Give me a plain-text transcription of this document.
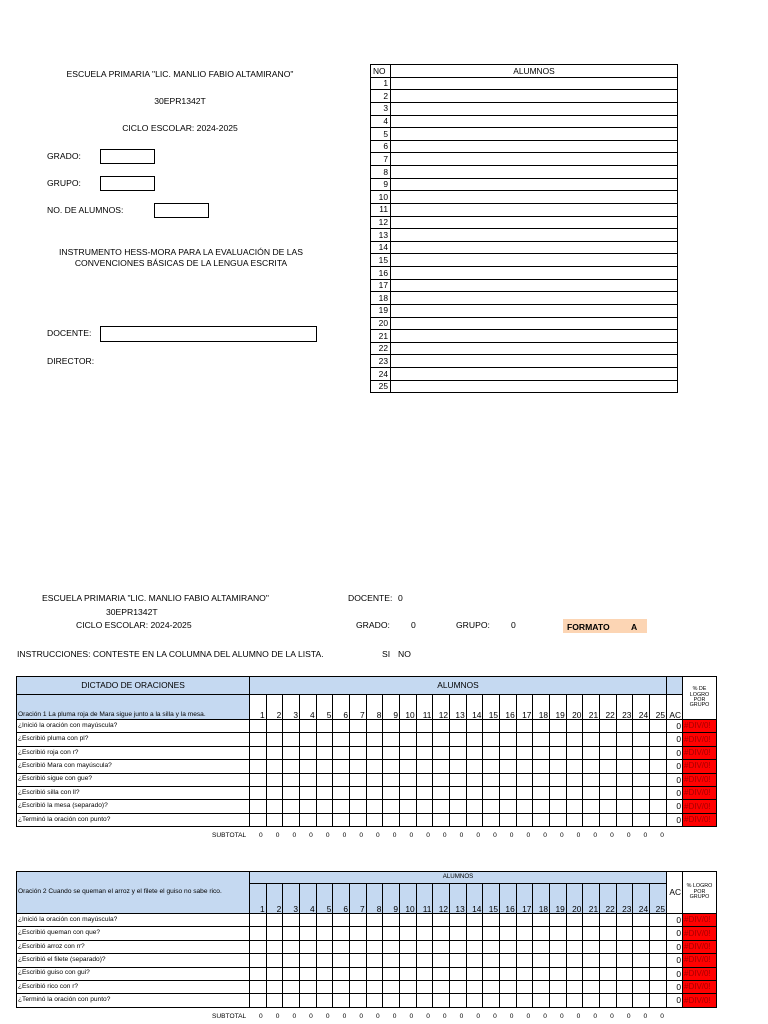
ESCUELA PRIMARIA "LIC. MANLIO FABIO ALTAMIRANO"
30EPR1342T
CICLO ESCOLAR: 2024-2025
GRADO:
GRUPO:
NO. DE ALUMNOS:
INSTRUMENTO HESS-MORA PARA LA EVALUACIÓN DE LAS
CONVENCIONES BÁSICAS DE LA LENGUA ESCRITA
DOCENTE:
DIRECTOR:
NO	ALUMNOS
1	
2	
3	
4	
5	
6	
7	
8	
9	
10	
11	
12	
13	
14	
15	
16	
17	
18	
19	
20	
21	
22	
23	
24	
25	
ESCUELA PRIMARIA "LIC. MANLIO FABIO ALTAMIRANO"
30EPR1342T
CICLO ESCOLAR: 2024-2025
DOCENTE: 0
GRADO: 0	GRUPO: 0	FORMATO A
INSTRUCCIONES: CONTESTE EN LA COLUMNA DEL ALUMNO DE LA LISTA.	SI NO
DICTADO DE ORACIONES	ALUMNOS																										% DE LOGRO POR GRUPO
Oración 1 La pluma roja de Mara sigue junto a la silla y la mesa.	1	2	3	4	5	6	7	8	9	10	11	12	13	14	15	16	17	18	19	20	21	22	23	24	25	AC	
¿Inició la oración con mayúscula?																										0	#DIV/0!
¿Escribió pluma con pl?																										0	#DIV/0!
¿Escribió roja con r?																										0	#DIV/0!
¿Escribió Mara con mayúscula?																										0	#DIV/0!
¿Escribió sigue con gue?																										0	#DIV/0!
¿Escribió silla con ll?																										0	#DIV/0!
¿Escribió la mesa (separado)?																										0	#DIV/0!
¿Terminó la oración con punto?																										0	#DIV/0!
SUBTOTAL 0 0 0 0 0 0 0 0 0 0 0 0 0 0 0 0 0 0 0 0 0 0 0 0 0
Oración 2 Cuando se queman el arroz y el filete el guiso no sabe rico.	ALUMNOS																									AC	% LOGRO POR GRUPO
	1	2	3	4	5	6	7	8	9	10	11	12	13	14	15	16	17	18	19	20	21	22	23	24	25		
¿Inició la oración con mayúscula?																										0	#DIV/0!
¿Escribió queman con que?																										0	#DIV/0!
¿Escribió arroz con rr?																										0	#DIV/0!
¿Escribió el filete (separado)?																										0	#DIV/0!
¿Escribió guiso con gui?																										0	#DIV/0!
¿Escribió rico con r?																										0	#DIV/0!
¿Terminó la oración con punto?																										0	#DIV/0!
SUBTOTAL 0 0 0 0 0 0 0 0 0 0 0 0 0 0 0 0 0 0 0 0 0 0 0 0 0
